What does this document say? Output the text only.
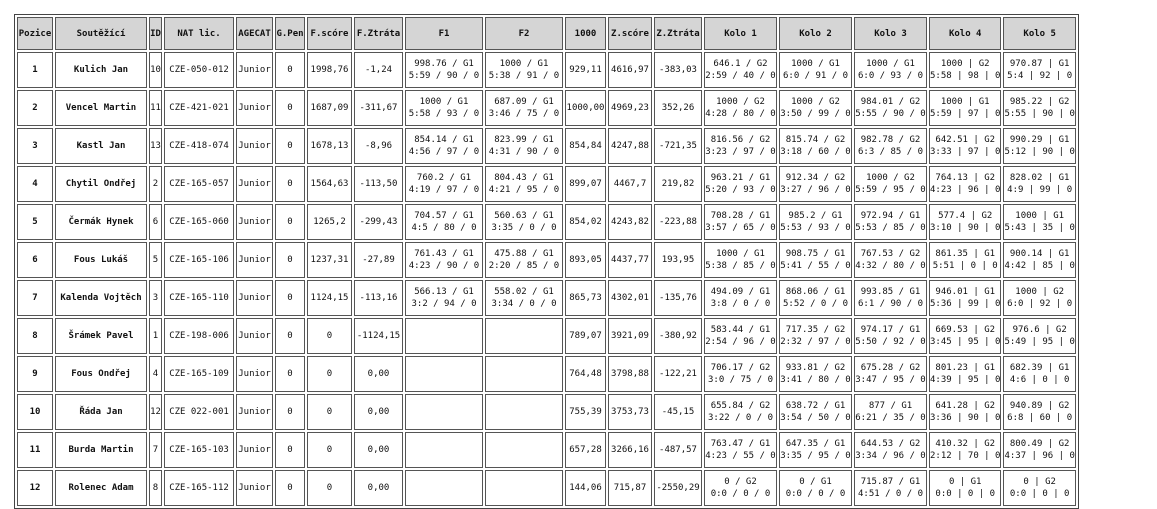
Pozice	Soutěžící	ID	NAT lic.	AGECAT	G.Pen	F.scóre	F.Ztráta	F1	F2	1000	Z.scóre	Z.Ztráta	Kolo 1	Kolo 2	Kolo 3	Kolo 4	Kolo 5
1	Kulich Jan	10	CZE-050-012	Junior	0	1998,76	-1,24	998.76 / G1
5:59 / 90 / 0	1000 / G1
5:38 / 91 / 0	929,11	4616,97	-383,03	646.1 / G2
2:59 / 40 / 0	1000 / G1
6:0 / 91 / 0	1000 / G1
6:0 / 93 / 0	1000 | G2
5:58 | 98 | 0	970.87 | G1
5:4 | 92 | 0

2	Vencel Martin	11	CZE-421-021	Junior	0	1687,09	-311,67	1000 / G1
5:58 / 93 / 0	687.09 / G1
3:46 / 75 / 0	1000,00	4969,23	352,26	1000 / G2
4:28 / 80 / 0	1000 / G2
3:50 / 99 / 0	984.01 / G2
5:55 / 90 / 0	1000 | G1
5:59 | 97 | 0	985.22 | G2
5:55 | 90 | 0

3	Kastl Jan	13	CZE-418-074	Junior	0	1678,13	-8,96	854.14 / G1
4:56 / 97 / 0	823.99 / G1
4:31 / 90 / 0	854,84	4247,88	-721,35	816.56 / G2
3:23 / 97 / 0	815.74 / G2
3:18 / 60 / 0	982.78 / G2
6:3 / 85 / 0	642.51 | G2
3:33 | 97 | 0	990.29 | G1
5:12 | 90 | 0

4	Chytil Ondřej	2	CZE-165-057	Junior	0	1564,63	-113,50	760.2 / G1
4:19 / 97 / 0	804.43 / G1
4:21 / 95 / 0	899,07	4467,7	219,82	963.21 / G1
5:20 / 93 / 0	912.34 / G2
3:27 / 96 / 0	1000 / G2
5:59 / 95 / 0	764.13 | G2
4:23 | 96 | 0	828.02 | G1
4:9 | 99 | 0

5	Čermák Hynek	6	CZE-165-060	Junior	0	1265,2	-299,43	704.57 / G1
4:5 / 80 / 0	560.63 / G1
3:35 / 0 / 0	854,02	4243,82	-223,88	708.28 / G1
3:57 / 65 / 0	985.2 / G1
5:53 / 93 / 0	972.94 / G1
5:53 / 85 / 0	577.4 | G2
3:10 | 90 | 0	1000 | G1
5:43 | 35 | 0

6	Fous Lukáš	5	CZE-165-106	Junior	0	1237,31	-27,89	761.43 / G1
4:23 / 90 / 0	475.88 / G1
2:20 / 85 / 0	893,05	4437,77	193,95	1000 / G1
5:38 / 85 / 0	908.75 / G1
5:41 / 55 / 0	767.53 / G2
4:32 / 80 / 0	861.35 | G1
5:51 | 0 | 0	900.14 | G1
4:42 | 85 | 0

7	Kalenda Vojtěch	3	CZE-165-110	Junior	0	1124,15	-113,16	566.13 / G1
3:2 / 94 / 0	558.02 / G1
3:34 / 0 / 0	865,73	4302,01	-135,76	494.09 / G1
3:8 / 0 / 0	868.06 / G1
5:52 / 0 / 0	993.85 / G1
6:1 / 90 / 0	946.01 | G1
5:36 | 99 | 0	1000 | G2
6:0 | 92 | 0

8	Šrámek Pavel	1	CZE-198-006	Junior	0	0	-1124,15			789,07	3921,09	-380,92	583.44 / G1
2:54 / 96 / 0	717.35 / G2
2:32 / 97 / 0	974.17 / G1
5:50 / 92 / 0	669.53 | G2
3:45 | 95 | 0	976.6 | G2
5:49 | 95 | 0

9	Fous Ondřej	4	CZE-165-109	Junior	0	0	0,00			764,48	3798,88	-122,21	706.17 / G2
3:0 / 75 / 0	933.81 / G2
3:41 / 80 / 0	675.28 / G2
3:47 / 95 / 0	801.23 | G1
4:39 | 95 | 0	682.39 | G1
4:6 | 0 | 0

10	Řáda Jan	12	CZE 022-001	Junior	0	0	0,00			755,39	3753,73	-45,15	655.84 / G2
3:22 / 0 / 0	638.72 / G1
3:54 / 50 / 0	877 / G1
6:21 / 35 / 0	641.28 | G2
3:36 | 90 | 0	940.89 | G2
6:8 | 60 | 0

11	Burda Martin	7	CZE-165-103	Junior	0	0	0,00			657,28	3266,16	-487,57	763.47 / G1
4:23 / 55 / 0	647.35 / G1
3:35 / 95 / 0	644.53 / G2
3:34 / 96 / 0	410.32 | G2
2:12 | 70 | 0	800.49 | G2
4:37 | 96 | 0

12	Rolenec Adam	8	CZE-165-112	Junior	0	0	0,00			144,06	715,87	-2550,29	0 / G2
0:0 / 0 / 0	0 / G1
0:0 / 0 / 0	715.87 / G1
4:51 / 0 / 0	0 | G1
0:0 | 0 | 0	0 | G2
0:0 | 0 | 0
